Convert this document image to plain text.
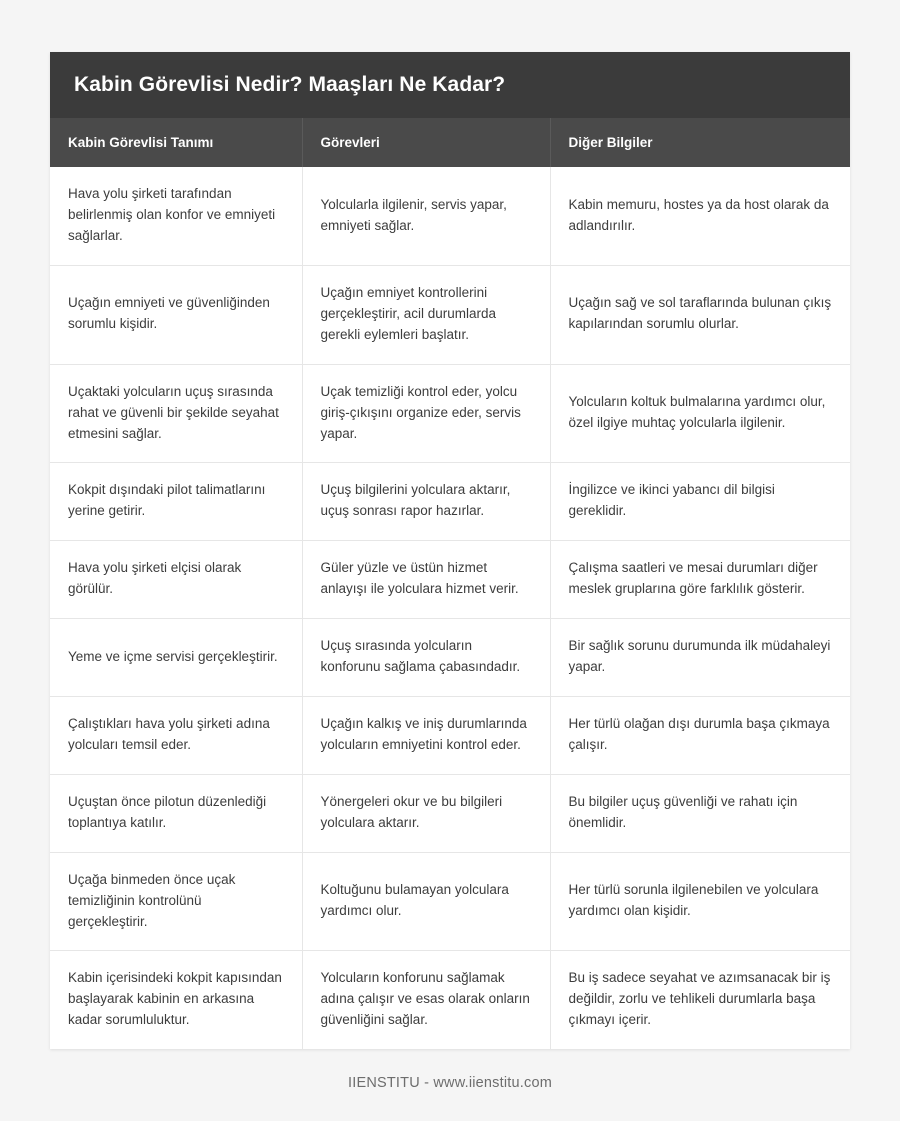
Kabin Görevlisi Nedir? Maaşları Ne Kadar?
Kabin Görevlisi Tanımı	Görevleri	Diğer Bilgiler
Hava yolu şirketi tarafından belirlenmiş olan konfor ve emniyeti sağlarlar.	Yolcularla ilgilenir, servis yapar, emniyeti sağlar.	Kabin memuru, hostes ya da host olarak da adlandırılır.
Uçağın emniyeti ve güvenliğinden sorumlu kişidir.	Uçağın emniyet kontrollerini gerçekleştirir, acil durumlarda gerekli eylemleri başlatır.	Uçağın sağ ve sol taraflarında bulunan çıkış kapılarından sorumlu olurlar.
Uçaktaki yolcuların uçuş sırasında rahat ve güvenli bir şekilde seyahat etmesini sağlar.	Uçak temizliği kontrol eder, yolcu giriş-çıkışını organize eder, servis yapar.	Yolcuların koltuk bulmalarına yardımcı olur, özel ilgiye muhtaç yolcularla ilgilenir.
Kokpit dışındaki pilot talimatlarını yerine getirir.	Uçuş bilgilerini yolculara aktarır, uçuş sonrası rapor hazırlar.	İngilizce ve ikinci yabancı dil bilgisi gereklidir.
Hava yolu şirketi elçisi olarak görülür.	Güler yüzle ve üstün hizmet anlayışı ile yolculara hizmet verir.	Çalışma saatleri ve mesai durumları diğer meslek gruplarına göre farklılık gösterir.
Yeme ve içme servisi gerçekleştirir.	Uçuş sırasında yolcuların konforunu sağlama çabasındadır.	Bir sağlık sorunu durumunda ilk müdahaleyi yapar.
Çalıştıkları hava yolu şirketi adına yolcuları temsil eder.	Uçağın kalkış ve iniş durumlarında yolcuların emniyetini kontrol eder.	Her türlü olağan dışı durumla başa çıkmaya çalışır.
Uçuştan önce pilotun düzenlediği toplantıya katılır.	Yönergeleri okur ve bu bilgileri yolculara aktarır.	Bu bilgiler uçuş güvenliği ve rahatı için önemlidir.
Uçağa binmeden önce uçak temizliğinin kontrolünü gerçekleştirir.	Koltuğunu bulamayan yolculara yardımcı olur.	Her türlü sorunla ilgilenebilen ve yolculara yardımcı olan kişidir.
Kabin içerisindeki kokpit kapısından başlayarak kabinin en arkasına kadar sorumluluktur.	Yolcuların konforunu sağlamak adına çalışır ve esas olarak onların güvenliğini sağlar.	Bu iş sadece seyahat ve azımsanacak bir iş değildir, zorlu ve tehlikeli durumlarla başa çıkmayı içerir.
IIENSTITU - www.iienstitu.com
